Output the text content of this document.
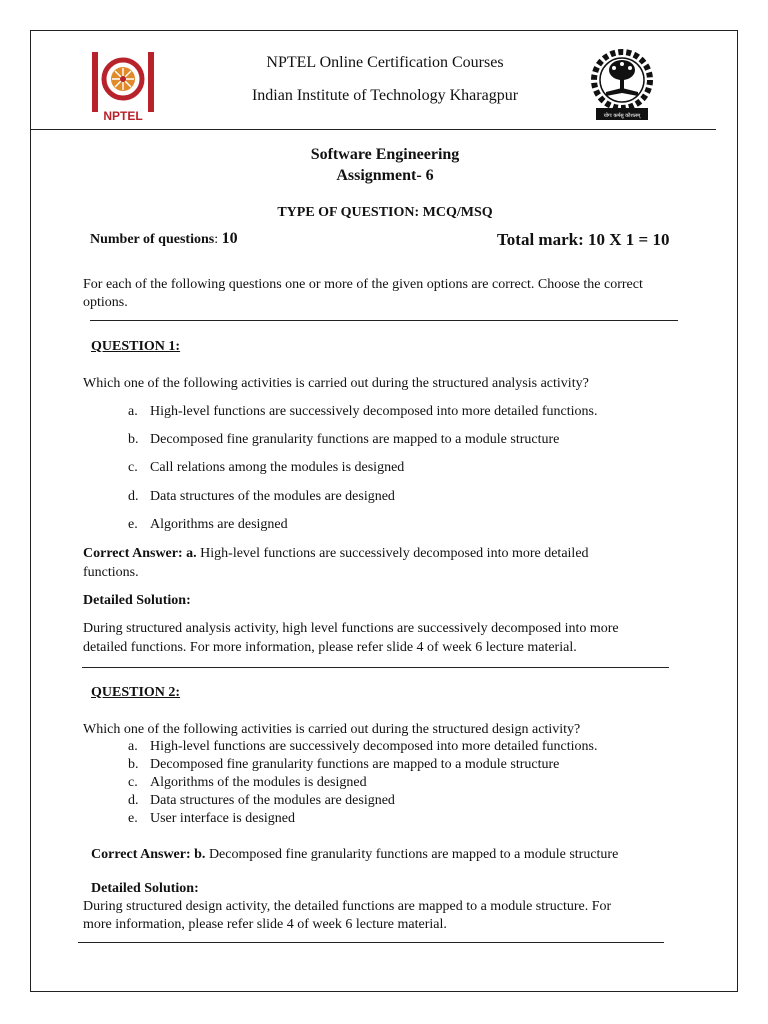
NPTEL	योगः कर्मसु कौशलम्
NPTEL Online Certification Courses
Indian Institute of Technology Kharagpur
Software Engineering
Assignment- 6
TYPE OF QUESTION: MCQ/MSQ
Number of questions: 10	Total mark: 10 X 1 = 10
For each of the following questions one or more of the given options are correct. Choose the correct
options.
QUESTION 1:
Which one of the following activities is carried out during the structured analysis activity?
a. High-level functions are successively decomposed into more detailed functions.
b. Decomposed fine granularity functions are mapped to a module structure
c. Call relations among the modules is designed
d. Data structures of the modules are designed
e. Algorithms are designed
Correct Answer: a. High-level functions are successively decomposed into more detailed
functions.
Detailed Solution:
During structured analysis activity, high level functions are successively decomposed into more
detailed functions. For more information, please refer slide 4 of week 6 lecture material.
QUESTION 2:
Which one of the following activities is carried out during the structured design activity?
a. High-level functions are successively decomposed into more detailed functions.
b. Decomposed fine granularity functions are mapped to a module structure
c. Algorithms of the modules is designed
d. Data structures of the modules are designed
e. User interface is designed
Correct Answer: b. Decomposed fine granularity functions are mapped to a module structure
Detailed Solution:
During structured design activity, the detailed functions are mapped to a module structure. For
more information, please refer slide 4 of week 6 lecture material.
